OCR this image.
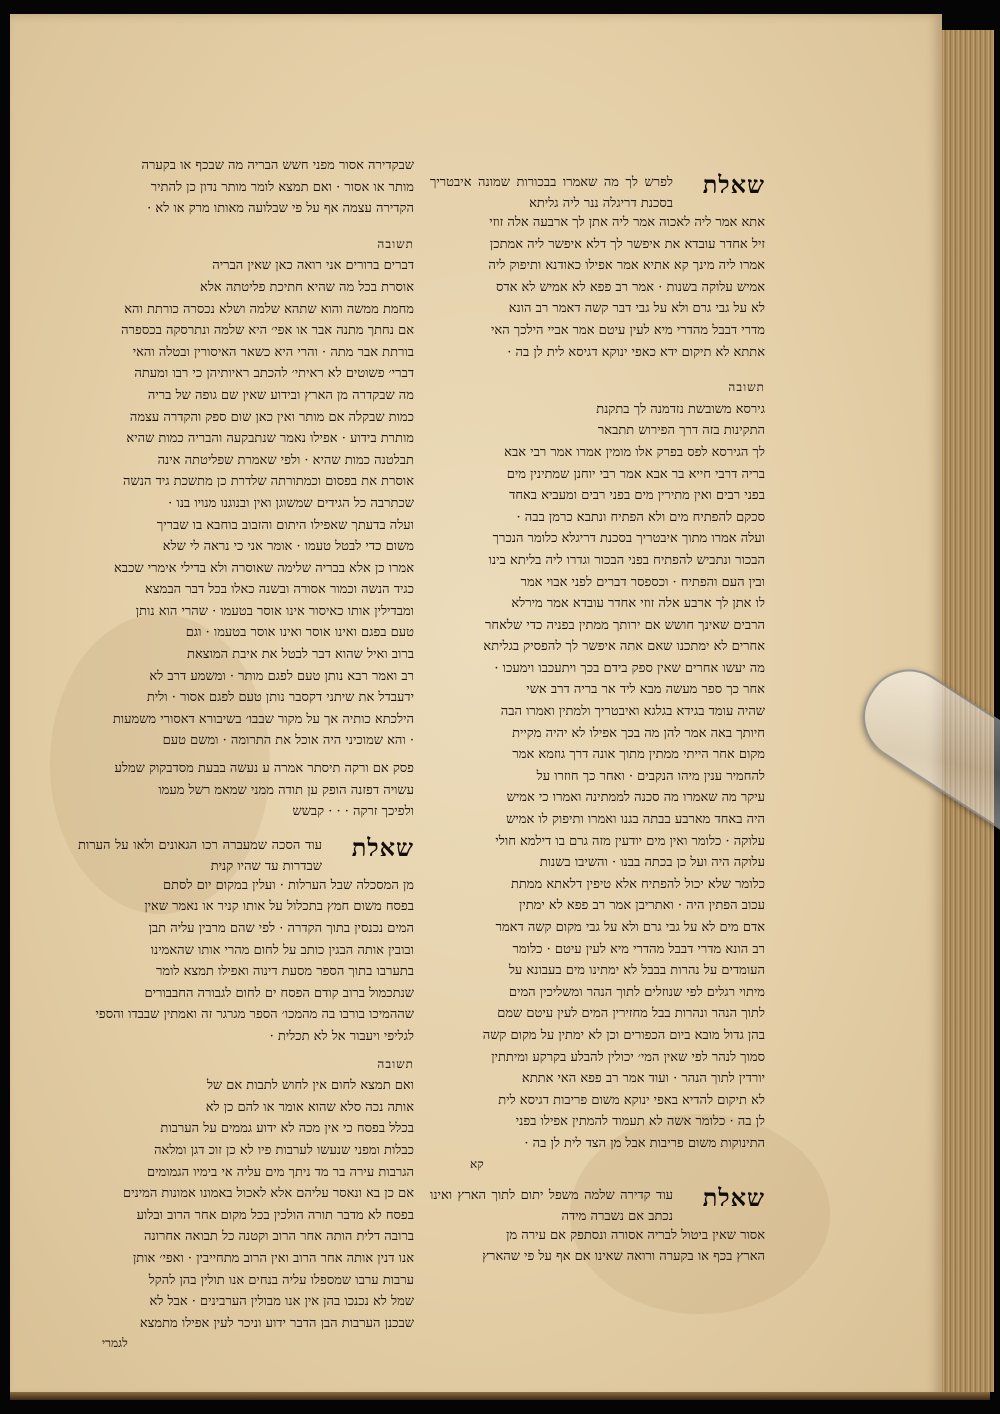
שאלת
לפרש לך מה שאמרו בבכורות שמונה איבטריך בסכנת דריגלה ננר ליה גליתא
אתא אמר ליה לאכוה אמר ליה אתן לך ארבעה אלה זוזי
זיל אחדר עובדא את איפשר לך דלא איפשר ליה אמתכן
אמרו ליה מינך קא אתיא אמר אפילו כאודנא ותיפוק ליה
אמיש עלוקה בשנות · אמר רב פפא לא אמיש לא אדס
לא על גבי גרם ולא על גבי דבר קשה דאמר רב הונא
מדרי דבבל מהדרי מיא לעין עיטם אמר אביי הילכך האי
אתתא לא תיקום ידא כאפי ינוקא דגיסא לית לן בה ·
תשובה
גירסא משובשת נזדמנה לך בתקנת
התקינות בזה דרך הפירוש תתבאר
לך הגירסא לפס בפרק אלו מומין אמרו אמר רבי אבא
בריה דרבי חייא בר אבא אמר רבי יוחנן שמתינין מים
בפני רבים ואין מתירין מים בפני רבים ומעביא באחד
סכקם להפתיח מים ולא הפתיח ונתבא כרמן בבה ·
ועלה אמרו מתוך איבטריך בסכנת דריגלא כלומר הנכרך
הבכור ונתביש להפתיח בפני הבכור וגדרו ליה בליתא בינו
ובין העם והפתיח · וכספסר דברים לפני אבוי אמר
לו אתן לך ארבע אלה זוזי אחדר עובדא אמר מירלא
הרבים שאינך חושש אם ירותך ממתין בפניה כדי שלאחר
אחרים לא ימתכנו שאם אתה איפשר לך להפסיק בגליתא
מה יעשו אחרים שאין ספק בידם בכך ויתעכבו וימעכו ·
אחר כך ספר מעשה מבא ליד אר בריה דרב אשי
שהיה עומד בגידא בגלגא ואיבטריך ולמתין ואמרו הבה
חיותך באה אמר להן מה בכך אפילו לא יהיה מקיית
מקום אחר הייתי ממתין מתוך אונה דרך גוזמא אמר
להחמיר ענין מיהו הנקבים · ואחר כך חוזרו על
עיקר מה שאמרו מה סכנה לממתינה ואמרו כי אמיש
היה באחד מארבע בבתה בגנו ואמרו ותיפוק לו אמיש
עלוקה · כלומר ואין מים יודעין מזה גרם בו דילמא חולי
עלוקה היה ועל כן בכתה בבנו · והשיבו בשנות
כלומר שלא יכול להפתיח אלא טיפין דלאתא ממתת
עכוב הפתין היה · ואתריבן אמר רב פפא לא ימתין
אדם מים לא על גבי גרם ולא על גבי מקום קשה דאמר
רב הונא מדרי דבבל מהדרי מיא לעין עיטם · כלומר
העומדים על נהרות בבבל לא ימתינו מים בעבונא על
מיתוי רגלים לפי שנוזלים לתוך הנהר ומשליכין המים
לתוך הנהר ונהרות בבל מחזירין המים לעין עיטם שמם
בהן גדול מובא ביום הכפורים וכן לא ימתין על מקום קשה
סמוך לנהר לפי שאין המי׳ יכולין להבלע בקרקע ומיתתין
יורדין לתוך הנהר · ועוד אמר רב פפא האי אתתא
לא תיקום להדיא באפי ינוקא משום פריבות דגיסא לית
לן בה · כלומר אשה לא תעמוד להמתין אפילו בפני
התינוקות משום פריבות אבל מן הצד לית לן בה ·
קא
שאלת
עוד קדירה שלמה משפל יתום לתוך הארץ ואינו נכתב אם נשברה מידה
אסור שאין ביטול לבריה אסורה ונסתפק אם עירה מן
הארץ בכף או בקערה ורואה שאינו אם אף על פי שהארץ
שבקדירה אסור מפני חשש הבריה מה שבכף או בקערה
מותר או אסור · ואם תמצא לומר מותר נדון כן להתיר
הקדירה עצמה אף על פי שבלועה מאותו מרק או לא ·
תשובה
דברים ברורים אני רואה כאן שאין הבריה
אוסרת בכל מה שהיא חתיכת פליטתה אלא
מחמת ממשה והוא שתהא שלמה ושלא נכסרה כורתת והא
אם נחתך מתנה אבר או אפי׳ היא שלמה ונתרסקה בכספרה
בורתת אבר מתה · והרי היא כשאר האיסורין ובטלה והאי
דברי׳ פשוטים לא ראיתי׳ להכתב ראיותיהן כי רבו ומעתה
מה שבקדרה מן הארץ ובידוע שאין שם גופה של בריה
כמות שבקלה אם מותר ואין כאן שום ספק והקדרה עצמה
מותרת בידוע · אפילו נאמר שנתבקעה והבריה כמות שהיא
תבלטנה כמות שהיא · ולפי שאמרת שפליטתה אינה
אוסרת את בפסום וכמתורתה שלדרת כן מתשכת גיד הנשה
שכתרבה כל הגידים שמשוגן ואין ובנוגנו מנויו בנו ·
ועלה בדעתך שאפילו היתום והזבוב בוחבא בו שבריך
משום כדי לבטל טעמו · אומר אני כי נראה לי שלא
אמרו כן אלא בבריה שלימה שאוסרה ולא בדילי אימרי שכבא
כגיד הנשה וכמור אסורה ובשנה כאלו בכל דבר הבמצא
ומבדילין אותו כאיסור אינו אוסר בטעמו · שהרי הוא נותן
טעם בפגם ואינו אוסר ואינו אוסר בטעמו · וגם
ברוב ואיל שהוא דבר לבטל את איבת המוצאת
רב ואמר רבא נותן טעם לפגם מותר · ומשמע דרב לא
ידעבדל את שיתני דקסבר נותן טעם לפגם אסור · ולית
הילכתא כותיה אך על מקור שבבו׳ בשיבורא דאסורי משמעות
· והא שמוכיני היה אוכל את התרומה · ומשם טעם
פסק אם ורקה תיסתר אמרה ע נעשה בבעת מסדבקוק שמלע
עשויה דפזנה הופק ען תודה ממני שמאמ רשל מעמו
ולפיכך זרקה · · · קבשש
שאלת
עוד הסכה שמעברה רכו הגאונים ולאו על הערות שבדרות עד שהיו קנית
מן המסכלה שבל הערלות · ועלין במקום יום לסתם
בפסח משום חמץ בתכלול על אותו קניר או נאמר שאין
המים נכנסין בתוך הקדרה · לפי שהם מרבין עליה תבן
ובובין אותה הבגין כותב על לחום מהרי אותו שהאמינו
בתערבו בתוך הספר מסעת דינוה ואפילו תמצא לומר
שנתכמול ברוב קודם הפסח ים לחום לגבורה החבבורים
שההמיכו בורבו בה מהמכו׳ הספר מגרגר זה ואמתין שבבדו והספי
לגליפי ויעבור אל לא תכלית ·
תשובה
ואם תמצא לחום אין לחוש לתבות אם של
אותה נכה סלא שהוא אומר או להם כן לא
בכלל בפסח כי אין מכה לא ידוע גממים על הערבות
כבלות ומפני שנעשו לערבות פיו לא כן זוכ דגן ומלאה
הגרבות עירה בר מד ניתך מים עליה אי בימיו הגמומים
אם כן בא ונאסר עליהם אלא לאכול באמונו אמונות המינים
בפסח לא מדבר תורה הולכין בכל מקום אחר הרוב ובלוע
ברובה דלית הותה אחר הרוב וקטנה כל תבואה אחרונה
אנו דנין אותה אחר הרוב ואין הרוב מתחייבין · ואפי׳ אותן
ערבות ערבו שמספלו עליה בנחים אנו תולין בהן להקל
שמל לא נכנכו בהן אין אנו מבולין הערבינים · אבל לא
שבכנן הערבות הבן הדבר ידוע וניכר לעין אפילו מתמצא
לגמרי
